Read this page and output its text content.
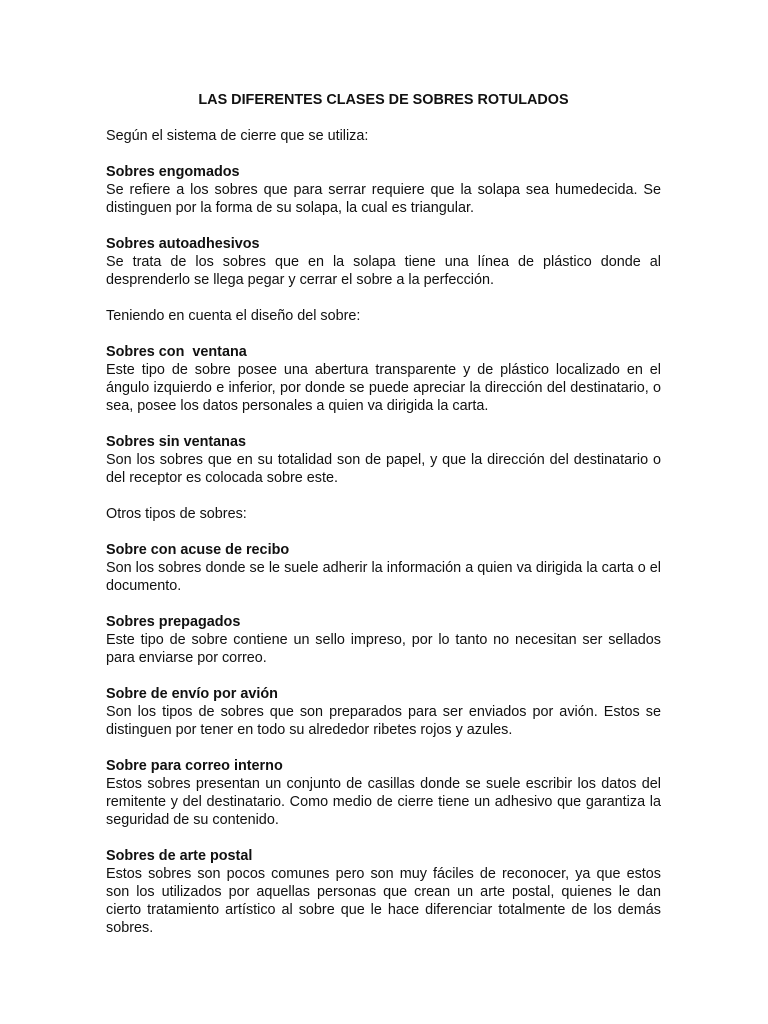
LAS DIFERENTES CLASES DE SOBRES ROTULADOS

Según el sistema de cierre que se utiliza:

Sobres engomados

Se refiere a los sobres que para serrar requiere que la solapa sea humedecida. Se distinguen por la forma de su solapa, la cual es triangular.

Sobres autoadhesivos

Se trata de los sobres que en la solapa tiene una línea de plástico donde al desprenderlo se llega pegar y cerrar el sobre a la perfección.

Teniendo en cuenta el diseño del sobre:

Sobres con  ventana

Este tipo de sobre posee una abertura transparente y de plástico localizado en el ángulo izquierdo e inferior, por donde se puede apreciar la dirección del destinatario, o sea, posee los datos personales a quien va dirigida la carta.

Sobres sin ventanas

Son los sobres que en su totalidad son de papel, y que la dirección del destinatario o del receptor es colocada sobre este.

Otros tipos de sobres:

Sobre con acuse de recibo

Son los sobres donde se le suele adherir la información a quien va dirigida la carta o el documento.

Sobres prepagados

Este tipo de sobre contiene un sello impreso, por lo tanto no necesitan ser sellados para enviarse por correo.

Sobre de envío por avión

Son los tipos de sobres que son preparados para ser enviados por avión. Estos se distinguen por tener en todo su alrededor ribetes rojos y azules.

Sobre para correo interno

Estos sobres presentan un conjunto de casillas donde se suele escribir los datos del remitente y del destinatario. Como medio de cierre tiene un adhesivo que garantiza la seguridad de su contenido.

Sobres de arte postal

Estos sobres son pocos comunes pero son muy fáciles de reconocer, ya que estos son los utilizados por aquellas personas que crean un arte postal, quienes le dan cierto tratamiento artístico al sobre que le hace diferenciar totalmente de los demás sobres.
